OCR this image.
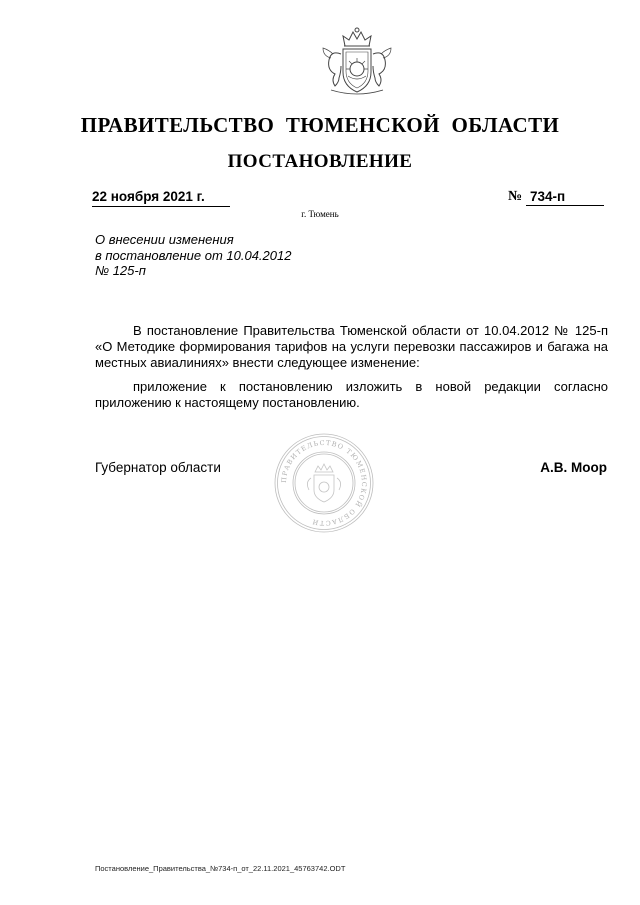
ПРАВИТЕЛЬСТВО ТЮМЕНСКОЙ ОБЛАСТИ
ПОСТАНОВЛЕНИЕ
22 ноября 2021 г.	№ 734-п
г. Тюмень
О внесении изменения
в постановление от 10.04.2012
№ 125-п

В постановление Правительства Тюменской области от 10.04.2012 № 125-п «О Методике формирования тарифов на услуги перевозки пассажиров и багажа на местных авиалиниях» внести следующее изменение:

приложение к постановлению изложить в новой редакции согласно приложению к настоящему постановлению.

Губернатор области
ПРАВИТЕЛЬСТВО ТЮМЕНСКОЙ ОБЛАСТИ
А.В. Моор
Постановление_Правительства_№734-п_от_22.11.2021_45763742.ODT
